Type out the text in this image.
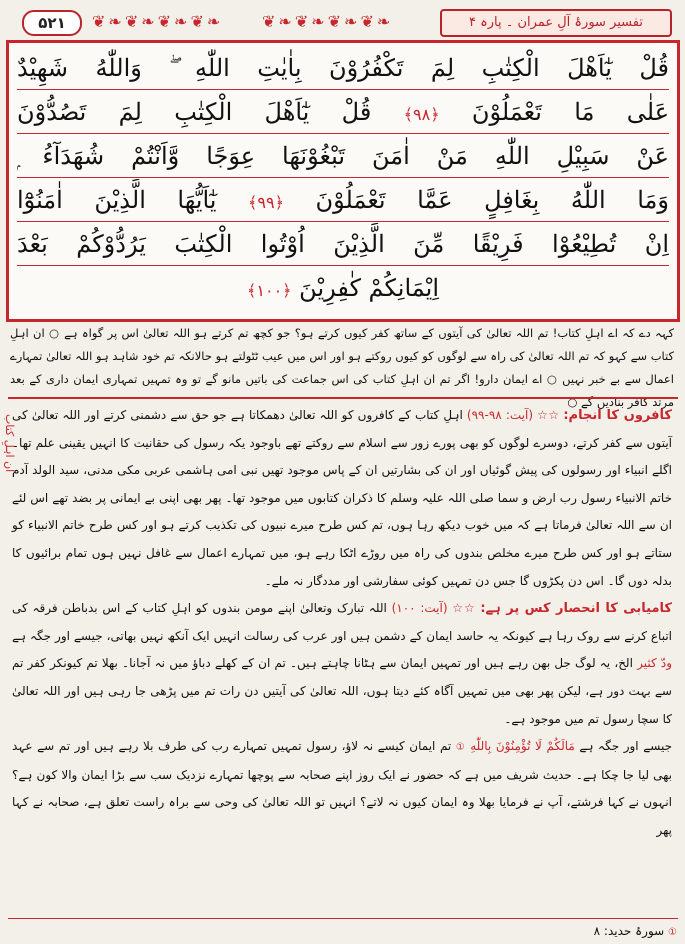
۵۲۱	❦❧❦❧❦❧❦❧ ❦❧❦❧❦❧❦❧	تفسیر سورۂ آلِ عمران ۔ پارہ ۴
قُلْ يٰٓاَهْلَ الْكِتٰبِ لِمَ تَكْفُرُوْنَ بِاٰيٰتِ اللّٰهِ ۖ وَاللّٰهُ شَهِيْدٌ
عَلٰى مَا تَعْمَلُوْنَ ﴿۹۸﴾ قُلْ يٰٓاَهْلَ الْكِتٰبِ لِمَ تَصُدُّوْنَ
عَنْ سَبِيْلِ اللّٰهِ مَنْ اٰمَنَ تَبْغُوْنَهَا عِوَجًا وَّاَنْتُمْ شُهَدَآءُ ۭ
وَمَا اللّٰهُ بِغَافِلٍ عَمَّا تَعْمَلُوْنَ ﴿۹۹﴾ يٰٓاَيُّهَا الَّذِيْنَ اٰمَنُوْٓا
اِنْ تُطِيْعُوْا فَرِيْقًا مِّنَ الَّذِيْنَ اُوْتُوا الْكِتٰبَ يَرُدُّوْكُمْ بَعْدَ
اِيْمَانِكُمْ كٰفِرِيْنَ ﴿۱۰۰﴾

کہہ دے کہ اے اہلِ کتاب! تم اللہ تعالیٰ کی آیتوں کے ساتھ کفر کیوں کرتے ہو؟ جو کچھ تم کرتے ہو اللہ تعالیٰ اس پر گواہ ہے ○ ان اہلِ کتاب سے کہو کہ تم اللہ تعالیٰ کی راہ سے لوگوں کو کیوں روکتے ہو اور اس میں عیب ٹٹولتے ہو حالانکہ تم خود شاہد ہو اللہ تعالیٰ تمہارے اعمال سے بے خبر نہیں ○ اے ایمان دارو! اگر تم ان اہلِ کتاب کی اس جماعت کی باتیں مانو گے تو وہ تمہیں تمہاری ایمان داری کے بعد مرتد کافر بنادیں گے ○

ان اہلِ کتاب	کافروں کا انجام: ☆☆ (آیت: ۹۸-۹۹) اہلِ کتاب کے کافروں کو اللہ تعالیٰ دھمکاتا ہے جو حق سے دشمنی کرتے اور اللہ تعالیٰ کی آیتوں سے کفر کرتے، دوسرے لوگوں کو بھی پورے زور سے اسلام سے روکتے تھے باوجود یکہ رسول کی حقانیت کا انہیں یقینی علم تھا۔ اگلے انبیاء اور رسولوں کی پیش گوئیاں اور ان کی بشارتیں ان کے پاس موجود تھیں نبی امی ہاشمی عربی مکی مدنی، سید الولد آدم خاتم الانبیاء رسول رب ارض و سما صلی اللہ علیہ وسلم کا ذکران کتابوں میں موجود تھا۔ پھر بھی اپنی بے ایمانی پر بضد تھے اس لئے ان سے اللہ تعالیٰ فرماتا ہے کہ میں خوب دیکھ رہا ہوں، تم کس طرح میرے نبیوں کی تکذیب کرتے ہو اور کس طرح خاتم الانبیاء کو ستاتے ہو اور کس طرح میرے مخلص بندوں کی راہ میں روڑے اٹکا رہے ہو، میں تمہارے اعمال سے غافل نہیں ہوں تمام برائیوں کا بدلہ دوں گا۔ اس دن پکڑوں گا جس دن تمہیں کوئی سفارشی اور مددگار نہ ملے۔

کامیابی کا انحصار کس پر ہے: ☆☆ (آیت: ۱۰۰) اللہ تبارک وتعالیٰ اپنے مومن بندوں کو اہلِ کتاب کے اس بدباطن فرقہ کی اتباع کرنے سے روک رہا ہے کیونکہ یہ حاسد ایمان کے دشمن ہیں اور عرب کی رسالت انہیں ایک آنکھ نہیں بھاتی، جیسے اور جگہ ہے ودّ کثیر الخ، یہ لوگ جل بھن رہے ہیں اور تمہیں ایمان سے ہٹانا چاہتے ہیں۔ تم ان کے کھلے دباؤ میں نہ آجانا۔ بھلا تم کیونکر کفر تم سے بہت دور ہے، لیکن پھر بھی میں تمہیں آگاہ کئے دیتا ہوں، اللہ تعالیٰ کی آیتیں دن رات تم میں پڑھی جا رہی ہیں اور اللہ تعالیٰ کا سچا رسول تم میں موجود ہے۔

جیسے اور جگہ ہے مَالَكُمْ لَا تُؤْمِنُوْنَ بِاللّٰهِ ① تم ایمان کیسے نہ لاؤ، رسول تمہیں تمہارے رب کی طرف بلا رہے ہیں اور تم سے عہد بھی لیا جا چکا ہے۔ حدیث شریف میں ہے کہ حضور نے ایک روز اپنے صحابہ سے پوچھا تمہارے نزدیک سب سے بڑا ایمان والا کون ہے؟ انہوں نے کہا فرشتے، آپ نے فرمایا بھلا وہ ایمان کیوں نہ لاتے؟ انہیں تو اللہ تعالیٰ کی وحی سے براہ راست تعلق ہے، صحابہ نے کہا پھر

① سورۂ حدید: ۸
